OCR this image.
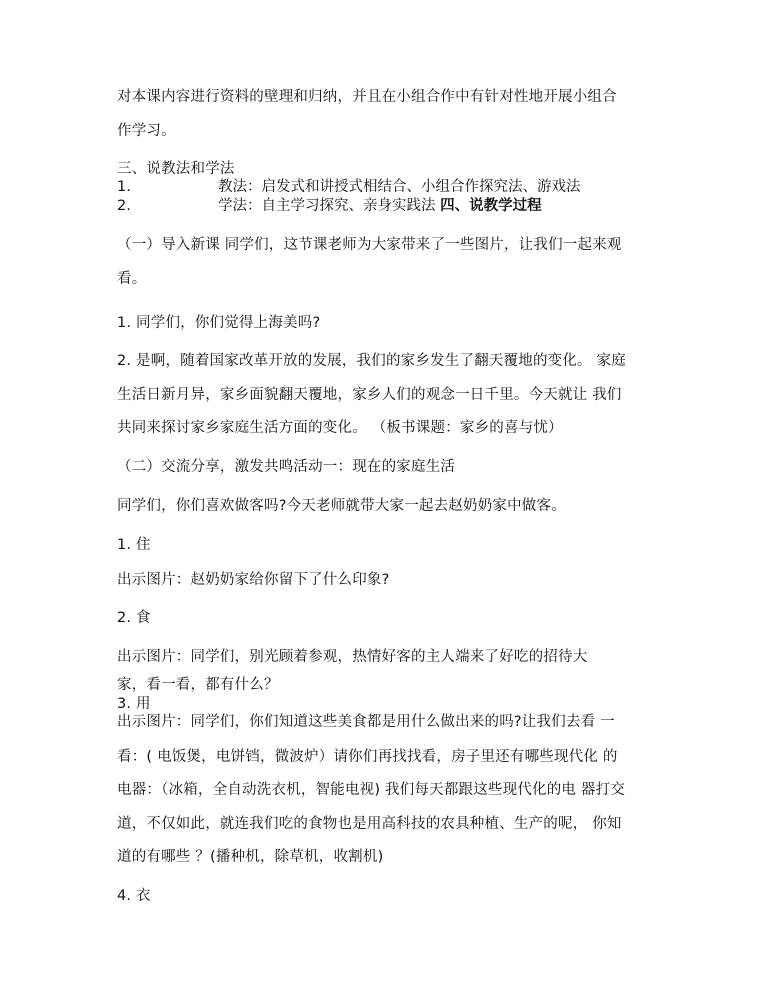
对本课内容进行资料的壁理和归纳，并且在小组合作中有针对性地开展小组合
作学习。
三、说教法和学法
1.	教法：启发式和讲授式相结合、小组合作探究法、游戏法
2.	学法：自主学习探究、亲身实践法 四、说教学过程
（一）导入新课 同学们，这节课老师为大家带来了一些图片，让我们一起来观
看。
1. 同学们，你们觉得上海美吗?
2. 是啊，随着国家改革开放的发展，我们的家乡发生了翻天覆地的变化。 家庭
生活日新月异，家乡面貌翻天覆地，家乡人们的观念一日千里。今天就让 我们
共同来探讨家乡家庭生活方面的变化。 （板书课题：家乡的喜与忧）
（二）交流分享，激发共鸣活动一：现在的家庭生活
同学们，你们喜欢做客吗?今天老师就带大家一起去赵奶奶家中做客。
1. 住
出示图片：赵奶奶家给你留下了什么印象?
2. 食
出示图片：同学们，别光顾着参观，热情好客的主人端来了好吃的招待大
家，看一看，都有什么？
3. 用
出示图片：同学们，你们知道这些美食都是用什么做出来的吗?让我们去看 一
看：( 电饭煲，电饼铛，微波炉）请你们再找找看，房子里还有哪些现代化 的
电器：（冰箱，全自动洗衣机，智能电视) 我们每天都跟这些现代化的电 器打交
道，不仅如此，就连我们吃的食物也是用高科技的农具种植、生产的呢， 你知
道的有哪些 ？(播种机，除草机，收割机)
4. 衣
